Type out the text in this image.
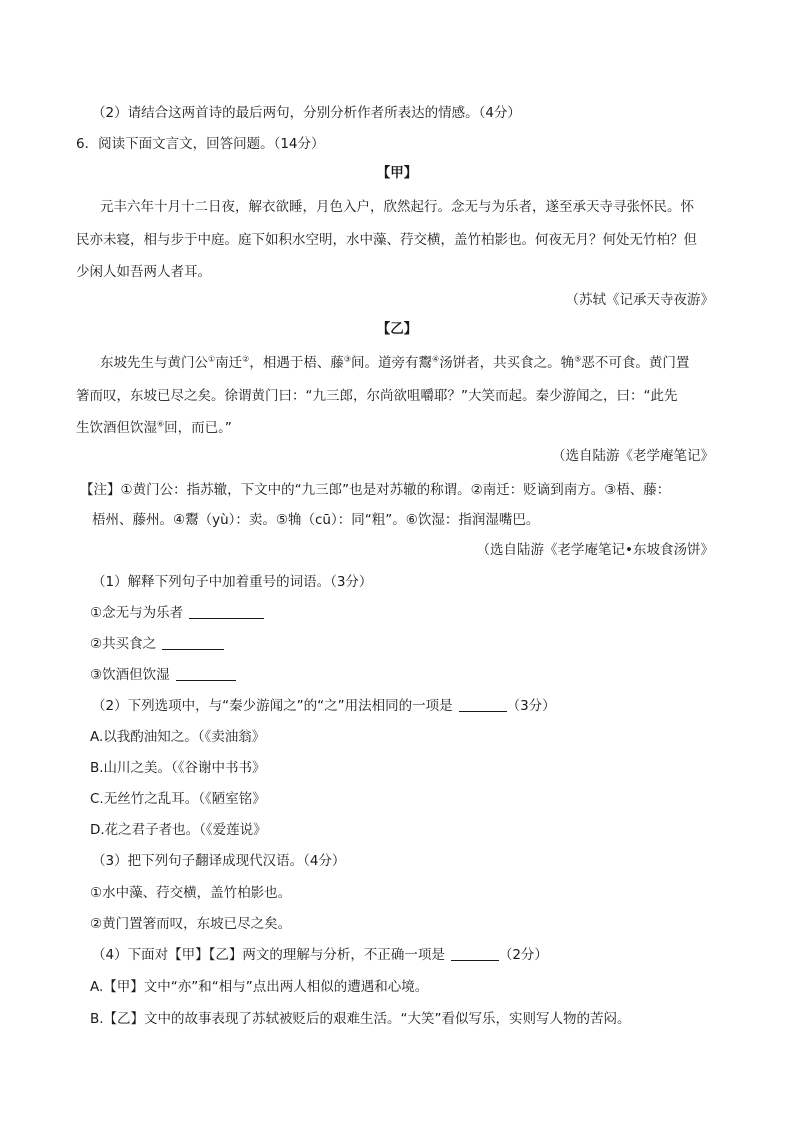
（2）请结合这两首诗的最后两句，分别分析作者所表达的情感。（4分）
6．阅读下面文言文，回答问题。（14分）
【甲】
元丰六年十月十二日夜，解衣欲睡，月色入户，欣然起行。念无与为乐者，遂至承天寺寻张怀民。怀
民亦未寝，相与步于中庭。庭下如积水空明，水中藻、荇交横，盖竹柏影也。何夜无月？何处无竹柏？但
少闲人如吾两人者耳。
（苏轼《记承天寺夜游》
【乙】
东坡先生与黄门公①南迁②，相遇于梧、藤③间。道旁有鬻④汤饼者，共买食之。觕⑤恶不可食。黄门置
箸而叹，东坡已尽之矣。徐谓黄门曰：“九三郎，尔尚欲咀嚼耶？”大笑而起。秦少游闻之，曰：“此先
生饮酒但饮湿⑥回，而已。”
（选自陆游《老学庵笔记》
【注】①黄门公：指苏辙，下文中的“九三郎”也是对苏辙的称谓。②南迁：贬谪到南方。③梧、藤：
梧州、藤州。④鬻（yù）：卖。⑤觕（cū）：同“粗”。⑥饮湿：指润湿嘴巴。
（选自陆游《老学庵笔记•东坡食汤饼》
（1）解释下列句子中加着重号的词语。（3分）
①念无与为乐者
②共买食之
③饮酒但饮湿
（2）下列选项中，与“秦少游闻之”的“之”用法相同的一项是	（3分）
A.以我酌油知之。（《卖油翁》
B.山川之美。（《谷谢中书书》
C.无丝竹之乱耳。（《陋室铭》
D.花之君子者也。（《爱莲说》
（3）把下列句子翻译成现代汉语。（4分）
①水中藻、荇交横，盖竹柏影也。
②黄门置箸而叹，东坡已尽之矣。
（4）下面对【甲】【乙】两文的理解与分析，不正确一项是	（2分）
A.【甲】文中“亦”和“相与”点出两人相似的遭遇和心境。
B.【乙】文中的故事表现了苏轼被贬后的艰难生活。“大笑”看似写乐，实则写人物的苦闷。
